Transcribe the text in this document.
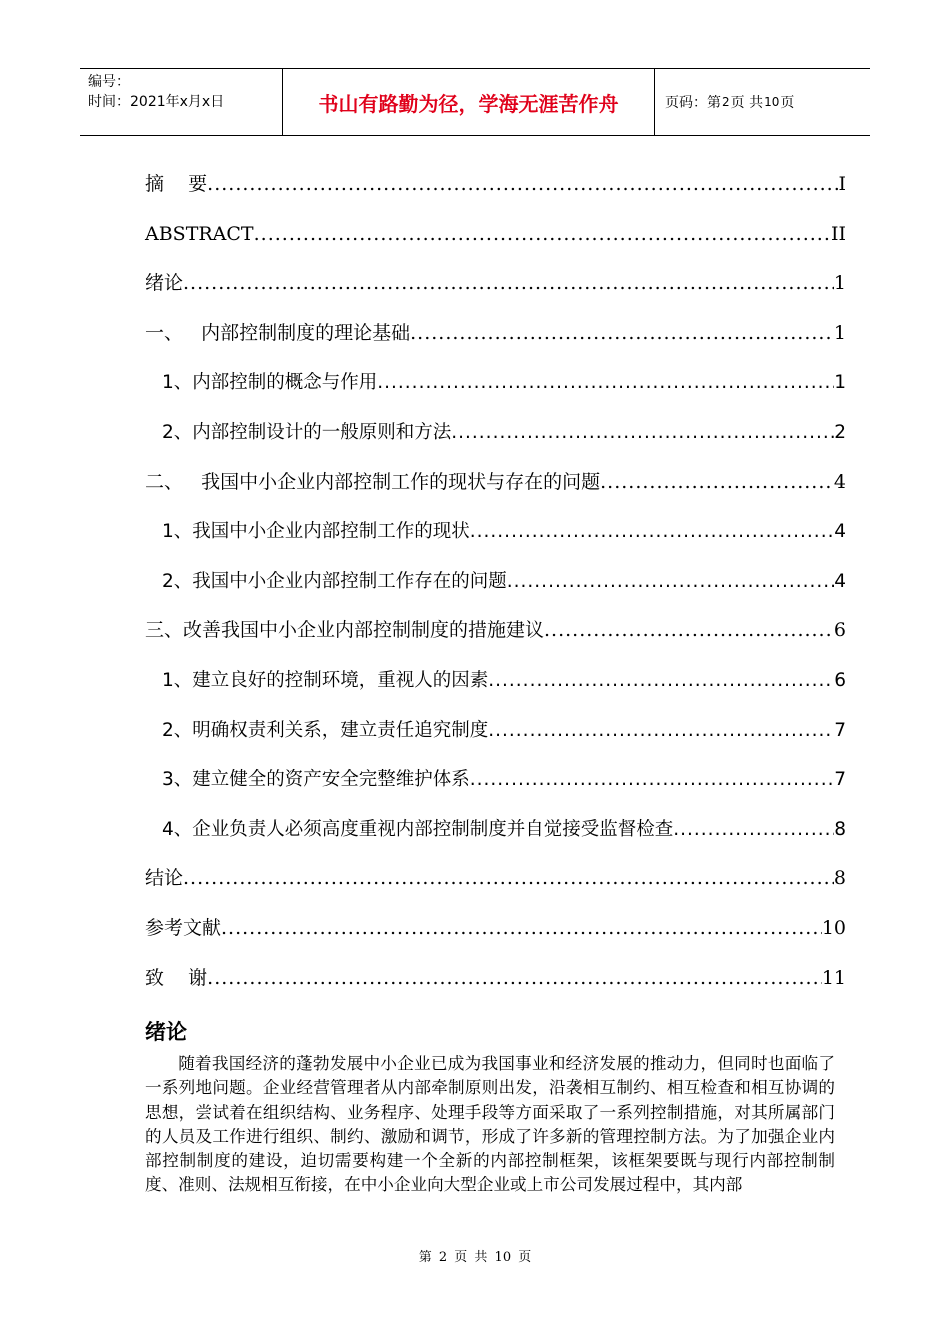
编号：
时间：2021年x月x日	书山有路勤为径，学海无涯苦作舟	页码：第 2 页 共 10 页
摘    要 .....	I
ABSTRACT .....	II
绪论 .....	1
一、   内部控制制度的理论基础 .....	1
1、内部控制的概念与作用 .....	1
2、内部控制设计的一般原则和方法 .....	2
二、   我国中小企业内部控制工作的现状与存在的问题 .....	4
1、我国中小企业内部控制工作的现状 .....	4
2、我国中小企业内部控制工作存在的问题 .....	4
三、改善我国中小企业内部控制制度的措施建议 .....	6
1、建立良好的控制环境，重视人的因素 .....	6
2、明确权责利关系，建立责任追究制度 .....	7
3、建立健全的资产安全完整维护体系 .....	7
4、企业负责人必须高度重视内部控制制度并自觉接受监督检查 .....	8
结论 .....	8
参考文献 .....	10
致    谢 .....	11
绪论
随着我国经济的蓬勃发展中小企业已成为我国事业和经济发展的推动力，但同时也面临了一系列地问题。企业经营管理者从内部牵制原则出发，沿袭相互制约、相互检查和相互协调的思想，尝试着在组织结构、业务程序、处理手段等方面采取了一系列控制措施，对其所属部门的人员及工作进行组织、制约、激励和调节，形成了许多新的管理控制方法。为了加强企业内部控制制度的建设，迫切需要构建一个全新的内部控制框架，该框架要既与现行内部控制制度、准则、法规相互衔接，在中小企业向大型企业或上市公司发展过程中，其内部
第 2 页 共 10 页
